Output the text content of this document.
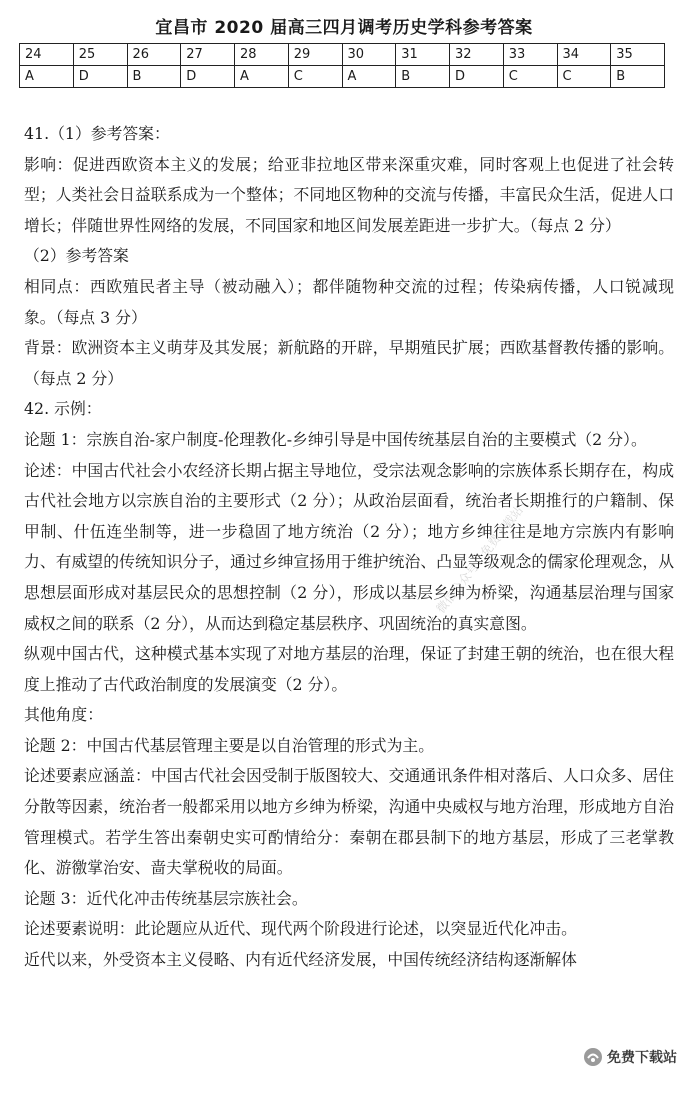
宜昌市 2020 届高三四月调考历史学科参考答案
24	25	26	27	28	29	30	31	32	33	34	35
A	D	B	D	A	C	A	B	D	C	C	B

41.（1）参考答案：

影响：促进西欧资本主义的发展；给亚非拉地区带来深重灾难，同时客观上也促进了社会转型；人类社会日益联系成为一个整体；不同地区物种的交流与传播，丰富民众生活，促进人口增长；伴随世界性网络的发展，不同国家和地区间发展差距进一步扩大。（每点 2 分）

（2）参考答案

相同点：西欧殖民者主导（被动融入）；都伴随物种交流的过程；传染病传播，人口锐减现象。（每点 3 分）

背景：欧洲资本主义萌芽及其发展；新航路的开辟，早期殖民扩展；西欧基督教传播的影响。（每点 2 分）

42. 示例：

论题 1：宗族自治-家户制度-伦理教化-乡绅引导是中国传统基层自治的主要模式（2 分）。

论述：中国古代社会小农经济长期占据主导地位，受宗法观念影响的宗族体系长期存在，构成古代社会地方以宗族自治的主要形式（2 分）；从政治层面看，统治者长期推行的户籍制、保甲制、什伍连坐制等，进一步稳固了地方统治（2 分）；地方乡绅往往是地方宗族内有影响力、有威望的传统知识分子，通过乡绅宣扬用于维护统治、凸显等级观念的儒家伦理观念，从思想层面形成对基层民众的思想控制（2 分），形成以基层乡绅为桥梁，沟通基层治理与国家威权之间的联系（2 分），从而达到稳定基层秩序、巩固统治的真实意图。

纵观中国古代，这种模式基本实现了对地方基层的治理，保证了封建王朝的统治，也在很大程度上推动了古代政治制度的发展演变（2 分）。

其他角度：

论题 2：中国古代基层管理主要是以自治管理的形式为主。

论述要素应涵盖：中国古代社会因受制于版图较大、交通通讯条件相对落后、人口众多、居住分散等因素，统治者一般都采用以地方乡绅为桥梁，沟通中央威权与地方治理，形成地方自治管理模式。若学生答出秦朝史实可酌情给分：秦朝在郡县制下的地方基层，形成了三老掌教化、游徼掌治安、啬夫掌税收的局面。

论题 3：近代化冲击传统基层宗族社会。

论述要素说明：此论题应从近代、现代两个阶段进行论述，以突显近代化冲击。

近代以来，外受资本主义侵略、内有近代经济发展，中国传统经济结构逐渐解体

微信公众号：免费下载站
免费下载站
